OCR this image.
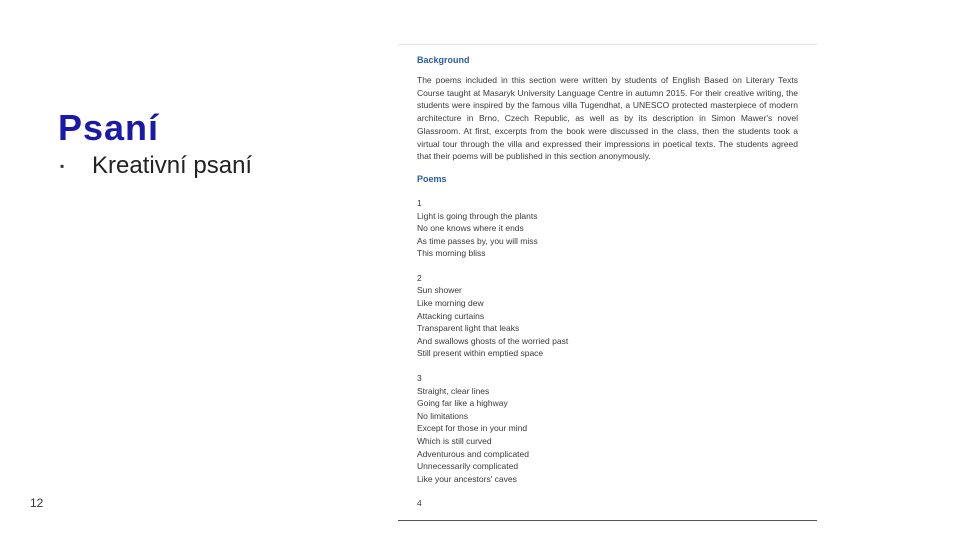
Psaní
▪	Kreativní psaní
12

Background

The poems included in this section were written by students of English Based on Literary Texts Course taught at Masaryk University Language Centre in autumn 2015. For their creative writing, the students were inspired by the famous villa Tugendhat, a UNESCO protected masterpiece of modern architecture in Brno, Czech Republic, as well as by its description in Simon Mawer's novel Glassroom. At first, excerpts from the book were discussed in the class, then the students took a virtual tour through the villa and expressed their impressions in poetical texts. The students agreed that their poems will be published in this section anonymously.

Poems

1
Light is going through the plants
No one knows where it ends
As time passes by, you will miss
This morning bliss
2
Sun shower
Like morning dew
Attacking curtains
Transparent light that leaks
And swallows ghosts of the worried past
Still present within emptied space
3
Straight, clear lines
Going far like a highway
No limitations
Except for those in your mind
Which is still curved
Adventurous and complicated
Unnecessarily complicated
Like your ancestors' caves
4
